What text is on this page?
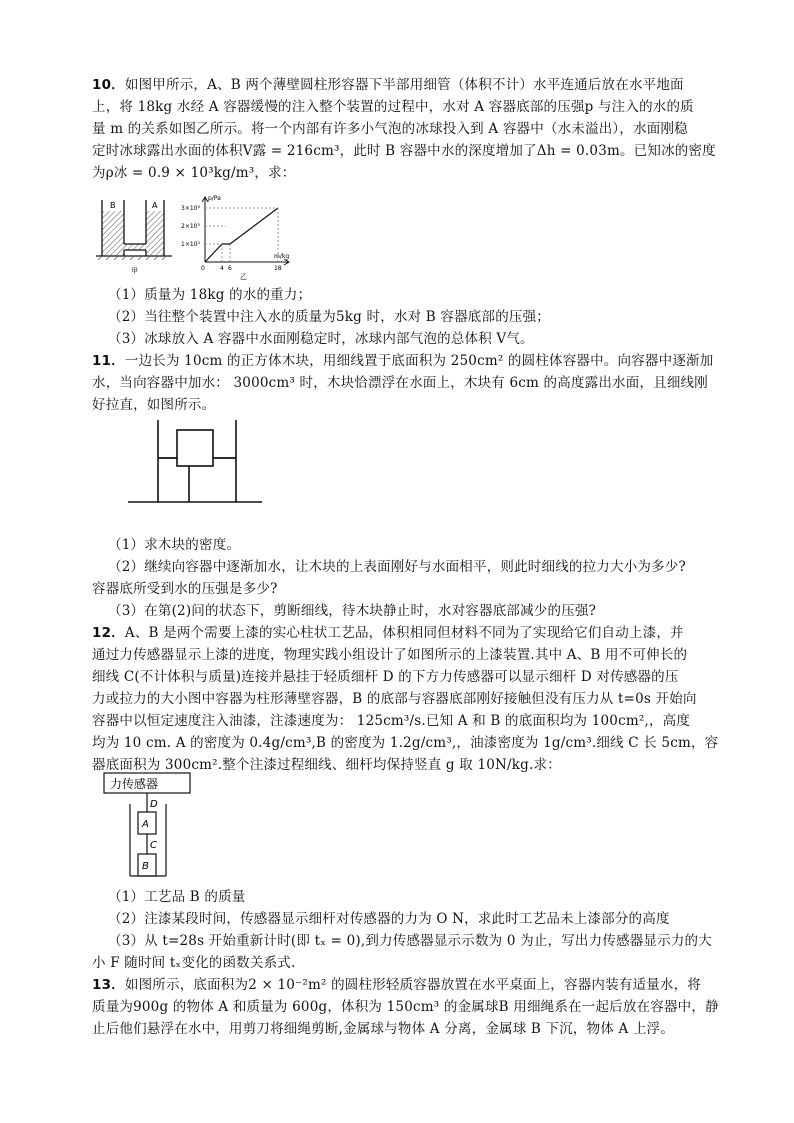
10．如图甲所示，A、B 两个薄壁圆柱形容器下半部用细管（体积不计）水平连通后放在水平地面
上，将 18kg 水经 A 容器缓慢的注入整个装置的过程中，水对 A 容器底部的压强p 与注入的水的质
量 m 的关系如图乙所示。将一个内部有许多小气泡的冰球投入到 A 容器中（水未溢出），水面刚稳
定时冰球露出水面的体积V露 = 216cm³，此时 B 容器中水的深度增加了Δh = 0.03m。已知冰的密度
为ρ冰 = 0.9 × 10³kg/m³，求：
B	A
甲
p/Pa
m/kg
3×10³
2×10³
1×10³
0	4 6	18
乙
（1）质量为 18kg 的水的重力；
（2）当往整个装置中注入水的质量为5kg 时，水对 B 容器底部的压强；
（3）冰球放入 A 容器中水面刚稳定时，冰球内部气泡的总体积 V气。
11．一边长为 10cm 的正方体木块，用细线置于底面积为 250cm² 的圆柱体容器中。向容器中逐渐加
水，当向容器中加水： 3000cm³ 时，木块恰漂浮在水面上，木块有 6cm 的高度露出水面，且细线刚
好拉直，如图所示。
（1）求木块的密度。
（2）继续向容器中逐渐加水，让木块的上表面刚好与水面相平，则此时细线的拉力大小为多少?
容器底所受到水的压强是多少?
（3）在第(2)问的状态下，剪断细线，待木块静止时，水对容器底部减少的压强?
12．A、B 是两个需要上漆的实心柱状工艺品，体积相同但材料不同为了实现给它们自动上漆，并
通过力传感器显示上漆的进度，物理实践小组设计了如图所示的上漆装置.其中 A、B 用不可伸长的
细线 C(不计体积与质量)连接并悬挂于轻质细杆 D 的下方力传感器可以显示细杆 D 对传感器的压
力或拉力的大小图中容器为柱形薄壁容器，B 的底部与容器底部刚好接触但没有压力从 t=0s 开始向
容器中以恒定速度注入油漆，注漆速度为： 125cm³/s.已知 A 和 B 的底面积均为 100cm²,，高度
均为 10 cm. A 的密度为 0.4g/cm³,B 的密度为 1.2g/cm³,，油漆密度为 1g/cm³.细线 C 长 5cm，容
器底面积为 300cm².整个注漆过程细线、细杆均保持竖直 g 取 10N/kg.求：
力传感器
D
A
C
B
（1）工艺品 B 的质量
（2）注漆某段时间，传感器显示细杆对传感器的力为 O N，求此时工艺品未上漆部分的高度
（3）从 t=28s 开始重新计时(即 tₓ = 0),到力传感器显示示数为 0 为止，写出力传感器显示力的大
小 F 随时间 tₓ变化的函数关系式.
13．如图所示，底面积为2 × 10⁻²m² 的圆柱形轻质容器放置在水平桌面上，容器内装有适量水，将
质量为900g 的物体 A 和质量为 600g，体积为 150cm³ 的金属球B 用细绳系在一起后放在容器中，静
止后他们悬浮在水中，用剪刀将细绳剪断,金属球与物体 A 分离，金属球 B 下沉，物体 A 上浮。
